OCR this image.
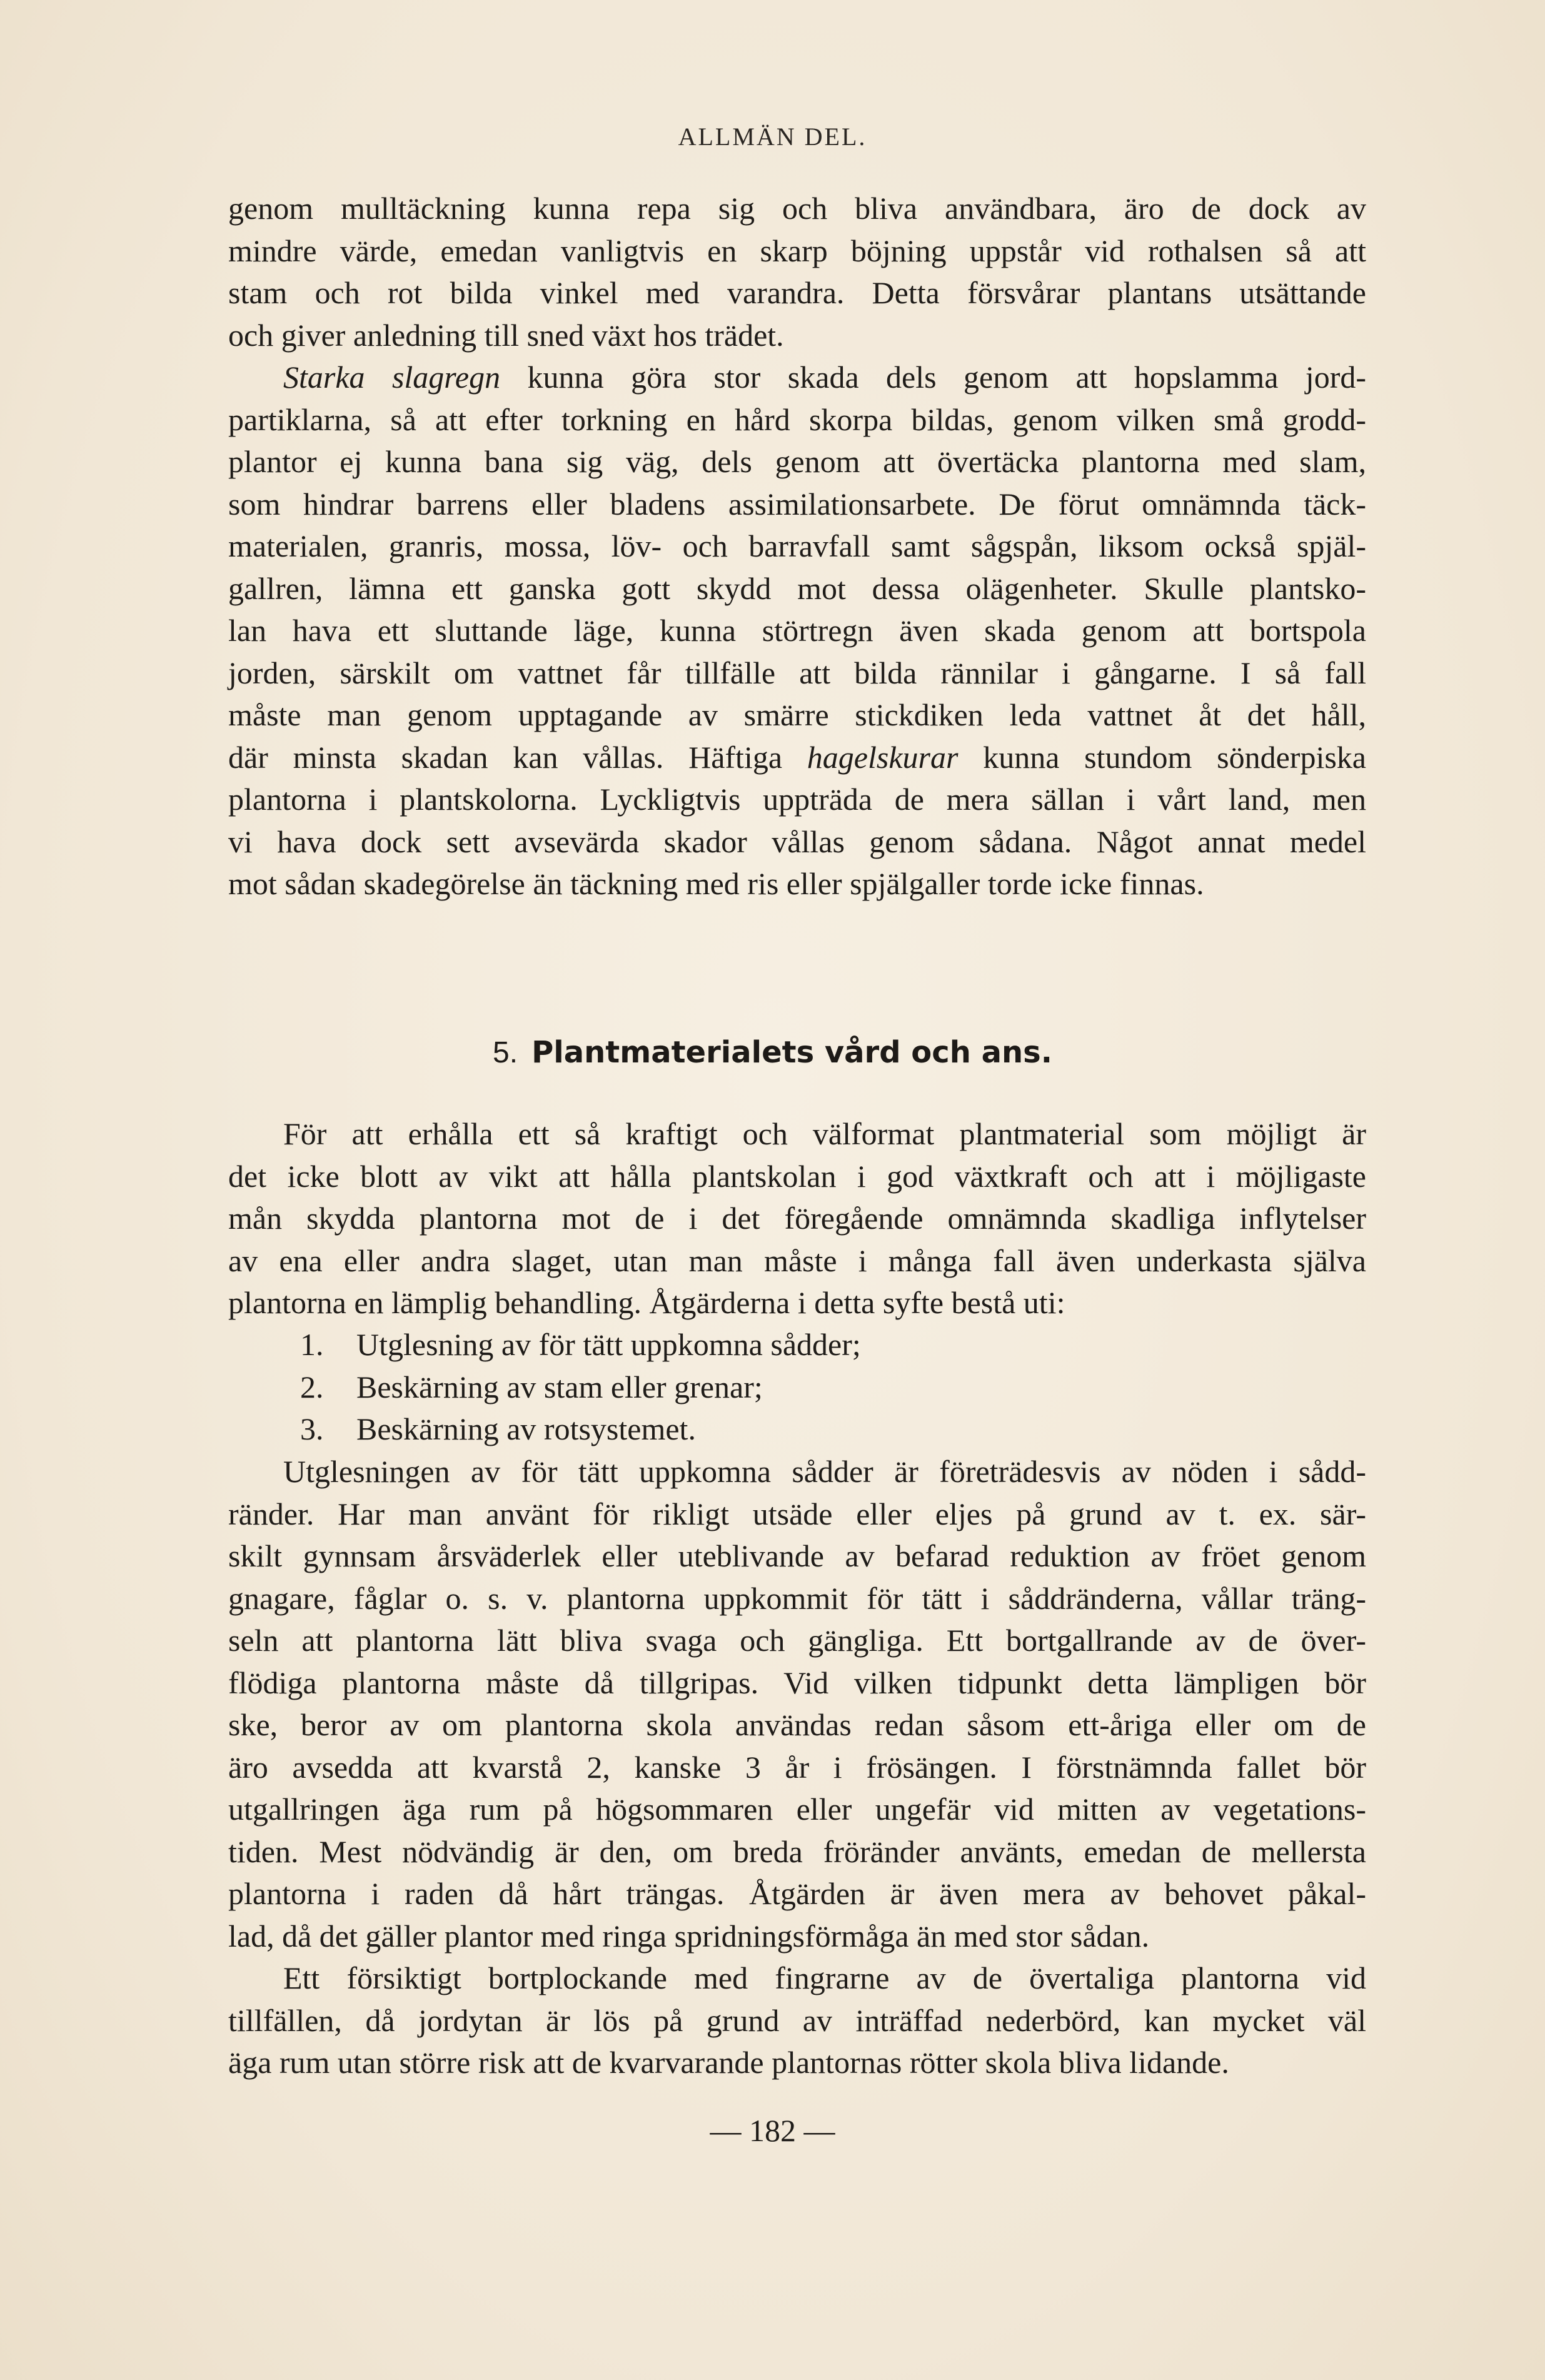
ALLMÄN DEL.
genom mulltäckning kunna repa sig och bliva användbara, äro de dock av
mindre värde, emedan vanligtvis en skarp böjning uppstår vid rothalsen så att
stam och rot bilda vinkel med varandra. Detta försvårar plantans utsättande
och giver anledning till sned växt hos trädet.
Starka slagregn kunna göra stor skada dels genom att hopslamma jord-
partiklarna, så att efter torkning en hård skorpa bildas, genom vilken små grodd-
plantor ej kunna bana sig väg, dels genom att övertäcka plantorna med slam,
som hindrar barrens eller bladens assimilationsarbete. De förut omnämnda täck-
materialen, granris, mossa, löv- och barravfall samt sågspån, liksom också spjäl-
gallren, lämna ett ganska gott skydd mot dessa olägenheter. Skulle plantsko-
lan hava ett sluttande läge, kunna störtregn även skada genom att bortspola
jorden, särskilt om vattnet får tillfälle att bilda rännilar i gångarne. I så fall
måste man genom upptagande av smärre stickdiken leda vattnet åt det håll,
där minsta skadan kan vållas. Häftiga hagelskurar kunna stundom sönderpiska
plantorna i plantskolorna. Lyckligtvis uppträda de mera sällan i vårt land, men
vi hava dock sett avsevärda skador vållas genom sådana. Något annat medel
mot sådan skadegörelse än täckning med ris eller spjälgaller torde icke finnas.
5. Plantmaterialets vård och ans.
För att erhålla ett så kraftigt och välformat plantmaterial som möjligt är
det icke blott av vikt att hålla plantskolan i god växtkraft och att i möjligaste
mån skydda plantorna mot de i det föregående omnämnda skadliga inflytelser
av ena eller andra slaget, utan man måste i många fall även underkasta själva
plantorna en lämplig behandling. Åtgärderna i detta syfte bestå uti:
1. Utglesning av för tätt uppkomna sådder;
2. Beskärning av stam eller grenar;
3. Beskärning av rotsystemet.
Utglesningen av för tätt uppkomna sådder är företrädesvis av nöden i sådd-
ränder. Har man använt för rikligt utsäde eller eljes på grund av t. ex. sär-
skilt gynnsam årsväderlek eller uteblivande av befarad reduktion av fröet genom
gnagare, fåglar o. s. v. plantorna uppkommit för tätt i såddränderna, vållar träng-
seln att plantorna lätt bliva svaga och gängliga. Ett bortgallrande av de över-
flödiga plantorna måste då tillgripas. Vid vilken tidpunkt detta lämpligen bör
ske, beror av om plantorna skola användas redan såsom ett-åriga eller om de
äro avsedda att kvarstå 2, kanske 3 år i frösängen. I förstnämnda fallet bör
utgallringen äga rum på högsommaren eller ungefär vid mitten av vegetations-
tiden. Mest nödvändig är den, om breda fröränder använts, emedan de mellersta
plantorna i raden då hårt trängas. Åtgärden är även mera av behovet påkal-
lad, då det gäller plantor med ringa spridningsförmåga än med stor sådan.
Ett försiktigt bortplockande med fingrarne av de övertaliga plantorna vid
tillfällen, då jordytan är lös på grund av inträffad nederbörd, kan mycket väl
äga rum utan större risk att de kvarvarande plantornas rötter skola bliva lidande.
— 182 —
